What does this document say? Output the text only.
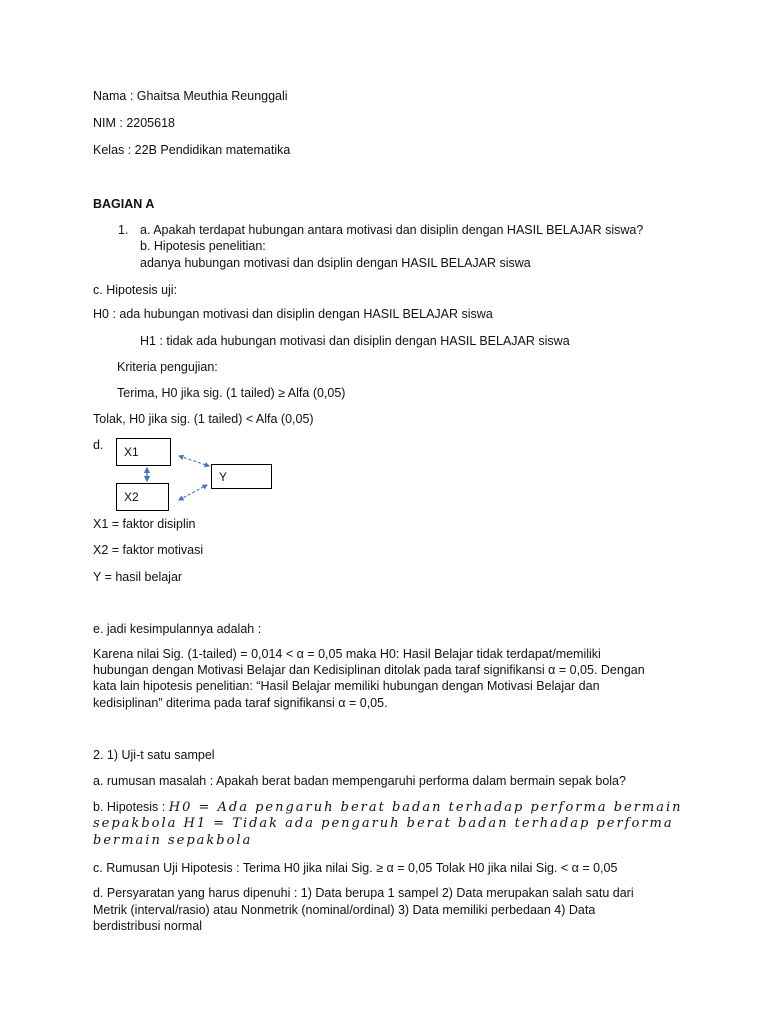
Nama : Ghaitsa Meuthia Reunggali
NIM : 2205618
Kelas : 22B Pendidikan matematika
BAGIAN A
1. a. Apakah terdapat hubungan antara motivasi dan disiplin dengan HASIL BELAJAR siswa?
b. Hipotesis penelitian:
adanya hubungan motivasi dan dsiplin dengan HASIL BELAJAR siswa
c. Hipotesis uji:
H0 : ada hubungan motivasi dan disiplin dengan HASIL BELAJAR siswa
H1 : tidak ada hubungan motivasi dan disiplin dengan HASIL BELAJAR siswa
Kriteria pengujian:
Terima, H0 jika sig. (1 tailed) ≥ Alfa (0,05)
Tolak, H0 jika sig. (1 tailed) < Alfa (0,05)
d.	X1
X2
Y
X1 = faktor disiplin
X2 = faktor motivasi
Y = hasil belajar
e. jadi kesimpulannya adalah :
Karena nilai Sig. (1-tailed) = 0,014 < α = 0,05 maka H0: Hasil Belajar tidak terdapat/memiliki
hubungan dengan Motivasi Belajar dan Kedisiplinan ditolak pada taraf signifikansi α = 0,05. Dengan
kata lain hipotesis penelitian: “Hasil Belajar memiliki hubungan dengan Motivasi Belajar dan
kedisiplinan” diterima pada taraf signifikansi α = 0,05.
2. 1) Uji-t satu sampel
a. rumusan masalah : Apakah berat badan mempengaruhi performa dalam bermain sepak bola?
b. Hipotesis : H0 = Ada pengaruh berat badan terhadap performa bermain
sepakbola H1 = Tidak ada pengaruh berat badan terhadap performa
bermain sepakbola
c. Rumusan Uji Hipotesis : Terima H0 jika nilai Sig. ≥ α = 0,05 Tolak H0 jika nilai Sig. < α = 0,05
d. Persyaratan yang harus dipenuhi : 1) Data berupa 1 sampel 2) Data merupakan salah satu dari
Metrik (interval/rasio) atau Nonmetrik (nominal/ordinal) 3) Data memiliki perbedaan 4) Data
berdistribusi normal
